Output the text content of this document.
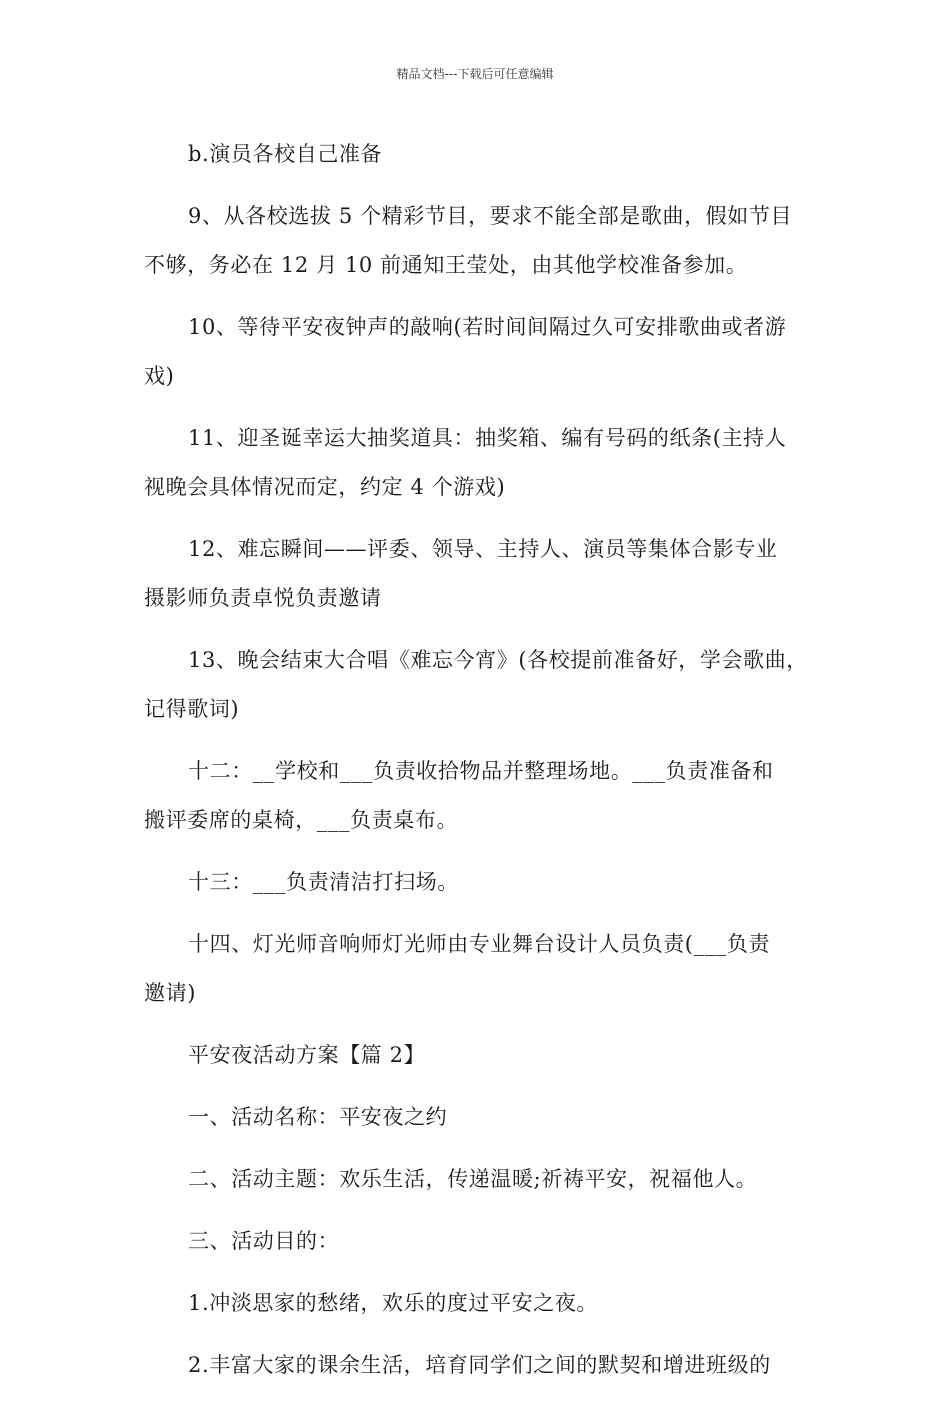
精品文档---下载后可任意编辑

b.演员各校自己准备

9、从各校选拔 5 个精彩节目，要求不能全部是歌曲，假如节目
不够，务必在 12 月 10 前通知王莹处，由其他学校准备参加。

10、等待平安夜钟声的敲响(若时间间隔过久可安排歌曲或者游
戏)

11、迎圣诞幸运大抽奖道具：抽奖箱、编有号码的纸条(主持人
视晚会具体情况而定，约定 4 个游戏)

12、难忘瞬间——评委、领导、主持人、演员等集体合影专业
摄影师负责卓悦负责邀请

13、晚会结束大合唱《难忘今宵》(各校提前准备好，学会歌曲，
记得歌词)

十二：__学校和___负责收拾物品并整理场地。___负责准备和
搬评委席的桌椅，___负责桌布。

十三：___负责清洁打扫场。

十四、灯光师音响师灯光师由专业舞台设计人员负责(___负责
邀请)

平安夜活动方案【篇 2】

一、活动名称：平安夜之约

二、活动主题：欢乐生活，传递温暖;祈祷平安，祝福他人。

三、活动目的：

1.冲淡思家的愁绪，欢乐的度过平安之夜。

2.丰富大家的课余生活，培育同学们之间的默契和增进班级的
